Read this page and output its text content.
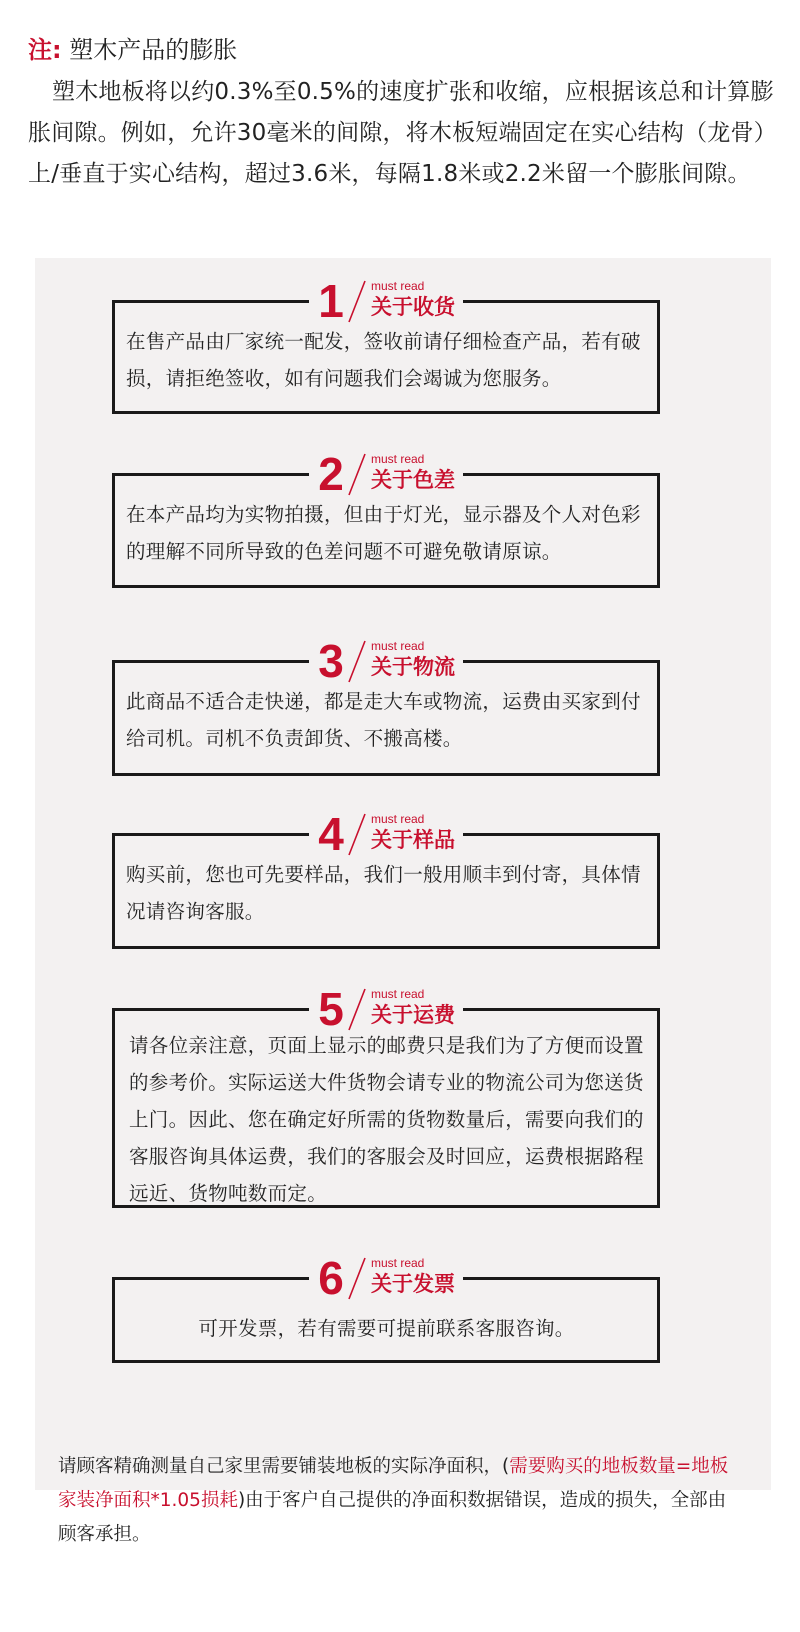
注: 塑木产品的膨胀
塑木地板将以约0.3%至0.5%的速度扩张和收缩，应根据该总和计算膨胀间隙。例如，允许30毫米的间隙，将木板短端固定在实心结构（龙骨）上/垂直于实心结构，超过3.6米，每隔1.8米或2.2米留一个膨胀间隙。
1 must read
关于收货
在售产品由厂家统一配发，签收前请仔细检查产品，若有破损，请拒绝签收，如有问题我们会竭诚为您服务。
2 must read
关于色差
在本产品均为实物拍摄，但由于灯光，显示器及个人对色彩的理解不同所导致的色差问题不可避免敬请原谅。
3 must read
关于物流
此商品不适合走快递，都是走大车或物流，运费由买家到付给司机。司机不负责卸货、不搬高楼。
4 must read
关于样品
购买前，您也可先要样品，我们一般用顺丰到付寄，具体情况请咨询客服。
5 must read
关于运费
请各位亲注意，页面上显示的邮费只是我们为了方便而设置的参考价。实际运送大件货物会请专业的物流公司为您送货上门。因此、您在确定好所需的货物数量后，需要向我们的客服咨询具体运费，我们的客服会及时回应，运费根据路程远近、货物吨数而定。
6 must read
关于发票
可开发票，若有需要可提前联系客服咨询。
请顾客精确测量自己家里需要铺装地板的实际净面积，(需要购买的地板数量=地板家装净面积*1.05损耗)由于客户自己提供的净面积数据错误，造成的损失，全部由顾客承担。
